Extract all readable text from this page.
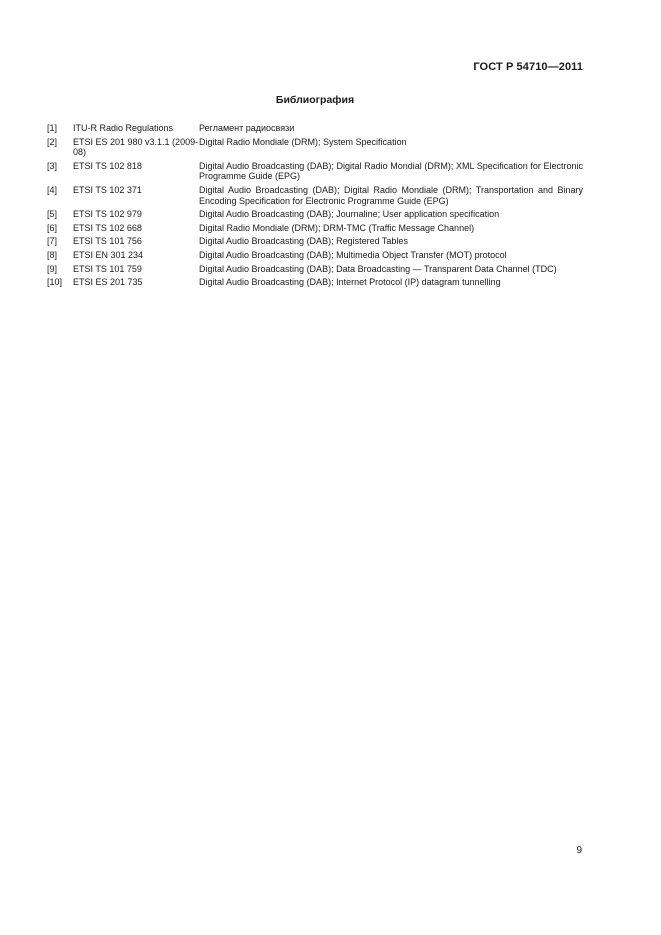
ГОСТ Р 54710—2011
Библиография
[1]	ITU-R Radio Regulations	Регламент радиосвязи
[2]	ETSI ES 201 980 v3.1.1 (2009-08)	Digital Radio Mondiale (DRM); System Specification
[3]	ETSI TS 102 818	Digital Audio Broadcasting (DAB); Digital Radio Mondial (DRM); XML Specification for Electronic Programme Guide (EPG)
[4]	ETSI TS 102 371	Digital Audio Broadcasting (DAB); Digital Radio Mondiale (DRM); Transportation and Binary Encoding Specification for Electronic Programme Guide (EPG)
[5]	ETSI TS 102 979	Digital Audio Broadcasting (DAB); Journaline; User application specification
[6]	ETSI TS 102 668	Digital Radio Mondiale (DRM); DRM-TMC (Traffic Message Channel)
[7]	ETSI TS 101 756	Digital Audio Broadcasting (DAB); Registered Tables
[8]	ETSI EN 301 234	Digital Audio Broadcasting (DAB); Multimedia Object Transfer (MOT) protocol
[9]	ETSI TS 101 759	Digital Audio Broadcasting (DAB); Data Broadcasting — Transparent Data Channel (TDC)
[10]	ETSI ES 201 735	Digital Audio Broadcasting (DAB); Internet Protocol (IP) datagram tunnelling
9
